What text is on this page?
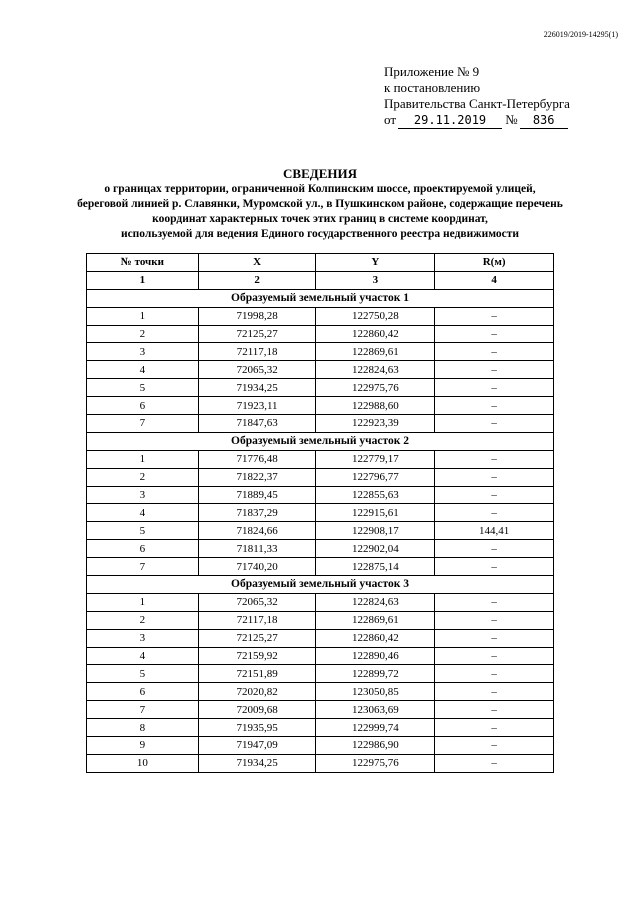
226019/2019-14295(1)
Приложение № 9
к постановлению
Правительства Санкт-Петербурга
от 29.11.2019 № 836
СВЕДЕНИЯ
о границах территории, ограниченной Колпинским шоссе, проектируемой улицей,
береговой линией р. Славянки, Муромской ул., в Пушкинском районе, содержащие перечень
координат характерных точек этих границ в системе координат,
используемой для ведения Единого государственного реестра недвижимости
№ точки	X	Y	R(м)
1	2	3	4
Образуемый земельный участок 1			
1	71998,28	122750,28	–
2	72125,27	122860,42	–
3	72117,18	122869,61	–
4	72065,32	122824,63	–
5	71934,25	122975,76	–
6	71923,11	122988,60	–
7	71847,63	122923,39	–
Образуемый земельный участок 2			
1	71776,48	122779,17	–
2	71822,37	122796,77	–
3	71889,45	122855,63	–
4	71837,29	122915,61	–
5	71824,66	122908,17	144,41
6	71811,33	122902,04	–
7	71740,20	122875,14	–
Образуемый земельный участок 3			
1	72065,32	122824,63	–
2	72117,18	122869,61	–
3	72125,27	122860,42	–
4	72159,92	122890,46	–
5	72151,89	122899,72	–
6	72020,82	123050,85	–
7	72009,68	123063,69	–
8	71935,95	122999,74	–
9	71947,09	122986,90	–
10	71934,25	122975,76	–
